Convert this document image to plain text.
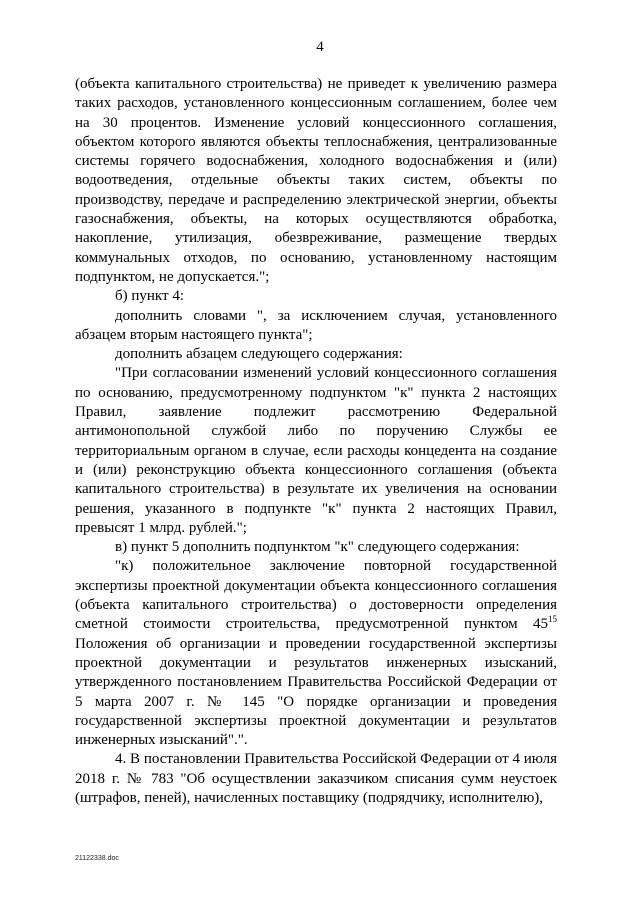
4

(объекта капитального строительства) не приведет к увеличению размера таких расходов, установленного концессионным соглашением, более чем на 30 процентов. Изменение условий концессионного соглашения, объектом которого являются объекты теплоснабжения, централизованные системы горячего водоснабжения, холодного водоснабжения и (или) водоотведения, отдельные объекты таких систем, объекты по производству, передаче и распределению электрической энергии, объекты газоснабжения, объекты, на которых осуществляются обработка, накопление, утилизация, обезвреживание, размещение твердых коммунальных отходов, по основанию, установленному настоящим подпунктом, не допускается.";

б) пункт 4:

дополнить словами ", за исключением случая, установленного абзацем вторым настоящего пункта";

дополнить абзацем следующего содержания:

"При согласовании изменений условий концессионного соглашения по основанию, предусмотренному подпунктом "к" пункта 2 настоящих Правил, заявление подлежит рассмотрению Федеральной антимонопольной службой либо по поручению Службы ее территориальным органом в случае, если расходы концедента на создание и (или) реконструкцию объекта концессионного соглашения (объекта капитального строительства) в результате их увеличения на основании решения, указанного в подпункте "к" пункта 2 настоящих Правил, превысят 1 млрд. рублей.";

в) пункт 5 дополнить подпунктом "к" следующего содержания:

"к) положительное заключение повторной государственной экспертизы проектной документации объекта концессионного соглашения (объекта капитального строительства) о достоверности определения сметной стоимости строительства, предусмотренной пунктом $45^{15}$ Положения об организации и проведении государственной экспертизы проектной документации и результатов инженерных изысканий, утвержденного постановлением Правительства Российской Федерации от 5 марта 2007 г. № 145 "О порядке организации и проведения государственной экспертизы проектной документации и результатов инженерных изысканий".".

4. В постановлении Правительства Российской Федерации от 4 июля 2018 г. № 783 "Об осуществлении заказчиком списания сумм неустоек (штрафов, пеней), начисленных поставщику (подрядчику, исполнителю),

21122338.doc
